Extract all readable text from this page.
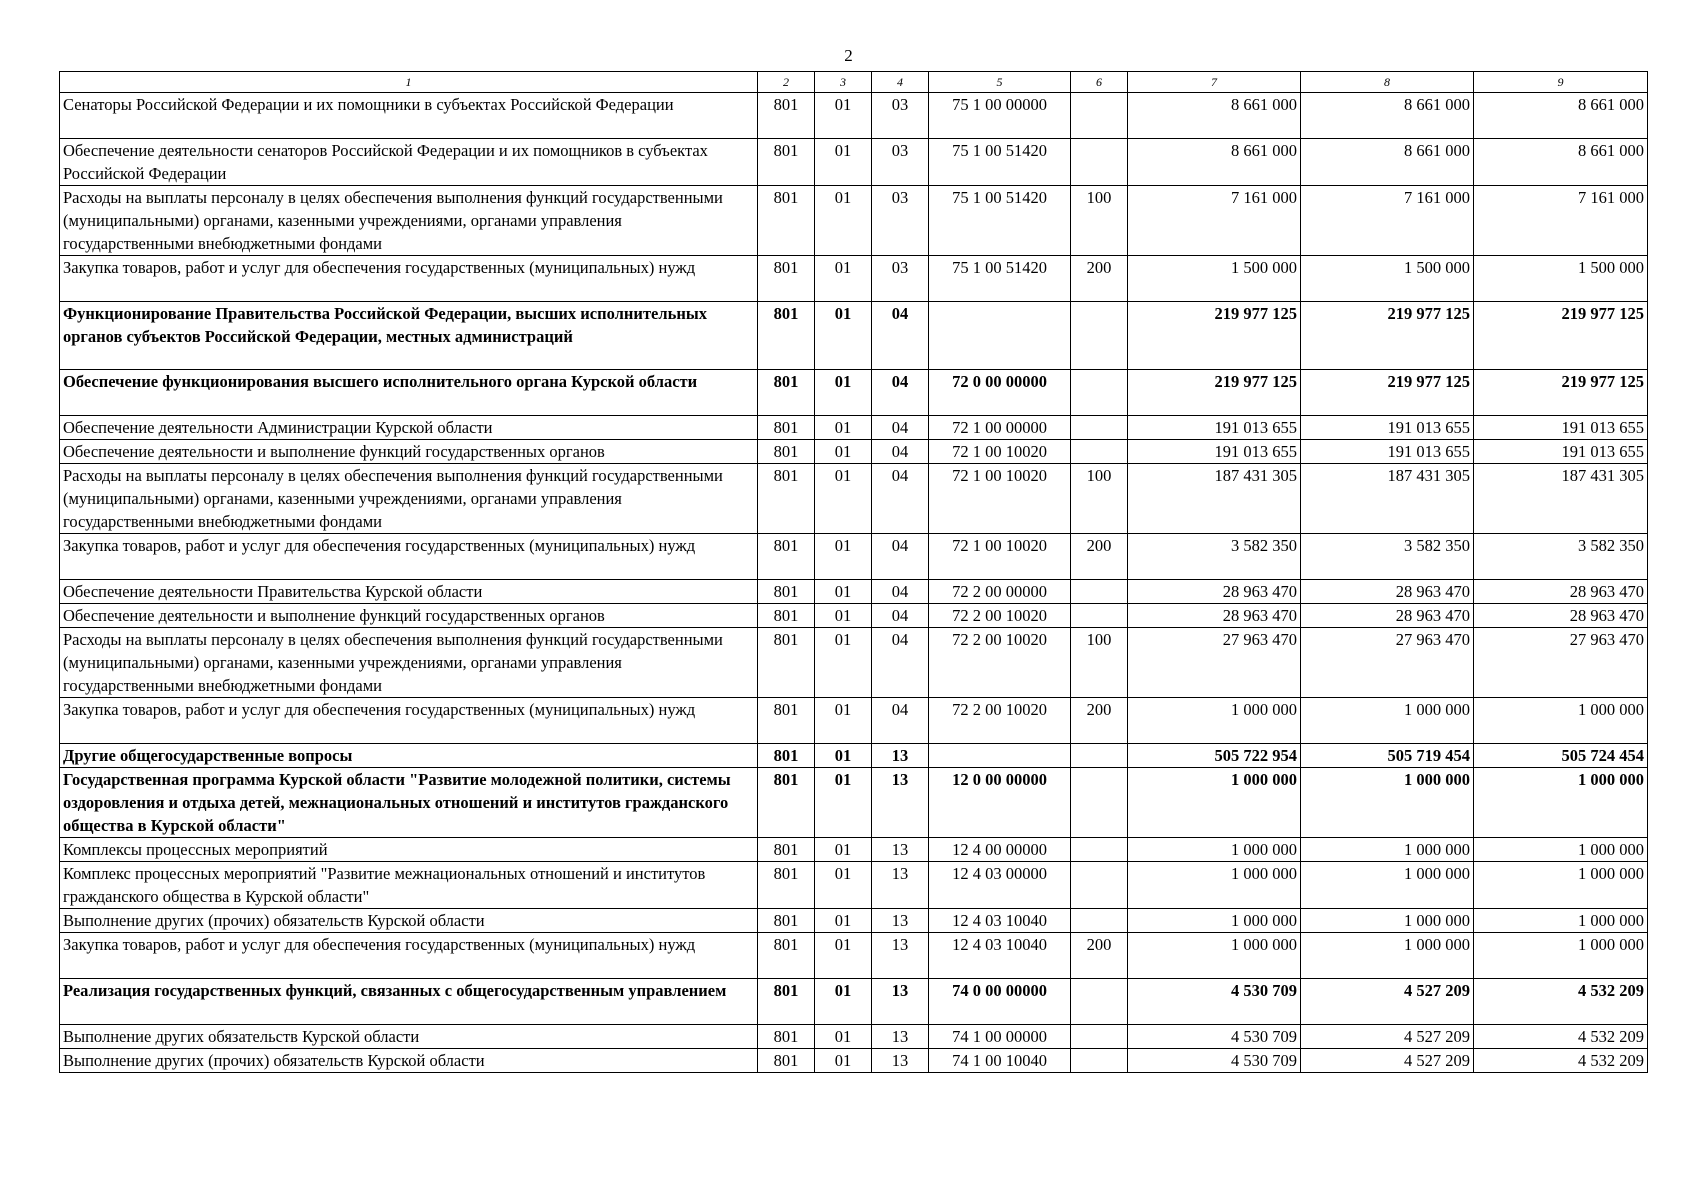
2
1	2	3	4	5	6	7	8	9
Сенаторы Российской Федерации и их помощники в субъектах Российской Федерации	801	01	03	75 1 00 00000		8 661 000	8 661 000	8 661 000
Обеспечение деятельности сенаторов Российской Федерации и их помощников в субъектах Российской Федерации	801	01	03	75 1 00 51420		8 661 000	8 661 000	8 661 000
Расходы на выплаты персоналу в целях обеспечения выполнения функций государственными (муниципальными) органами, казенными учреждениями, органами управления государственными внебюджетными фондами	801	01	03	75 1 00 51420	100	7 161 000	7 161 000	7 161 000
Закупка товаров, работ и услуг для обеспечения государственных (муниципальных) нужд	801	01	03	75 1 00 51420	200	1 500 000	1 500 000	1 500 000
Функционирование Правительства Российской Федерации, высших исполнительных органов субъектов Российской Федерации, местных администраций	801	01	04			219 977 125	219 977 125	219 977 125
Обеспечение функционирования высшего исполнительного органа Курской области	801	01	04	72 0 00 00000		219 977 125	219 977 125	219 977 125
Обеспечение деятельности Администрации Курской области	801	01	04	72 1 00 00000		191 013 655	191 013 655	191 013 655
Обеспечение деятельности и выполнение функций государственных органов	801	01	04	72 1 00 10020		191 013 655	191 013 655	191 013 655
Расходы на выплаты персоналу в целях обеспечения выполнения функций государственными (муниципальными) органами, казенными учреждениями, органами управления государственными внебюджетными фондами	801	01	04	72 1 00 10020	100	187 431 305	187 431 305	187 431 305
Закупка товаров, работ и услуг для обеспечения государственных (муниципальных) нужд	801	01	04	72 1 00 10020	200	3 582 350	3 582 350	3 582 350
Обеспечение деятельности Правительства Курской области	801	01	04	72 2 00 00000		28 963 470	28 963 470	28 963 470
Обеспечение деятельности и выполнение функций государственных органов	801	01	04	72 2 00 10020		28 963 470	28 963 470	28 963 470
Расходы на выплаты персоналу в целях обеспечения выполнения функций государственными (муниципальными) органами, казенными учреждениями, органами управления государственными внебюджетными фондами	801	01	04	72 2 00 10020	100	27 963 470	27 963 470	27 963 470
Закупка товаров, работ и услуг для обеспечения государственных (муниципальных) нужд	801	01	04	72 2 00 10020	200	1 000 000	1 000 000	1 000 000
Другие общегосударственные вопросы	801	01	13			505 722 954	505 719 454	505 724 454
Государственная программа Курской области "Развитие молодежной политики, системы оздоровления и отдыха детей, межнациональных отношений и институтов гражданского общества в Курской области"	801	01	13	12 0 00 00000		1 000 000	1 000 000	1 000 000
Комплексы процессных мероприятий	801	01	13	12 4 00 00000		1 000 000	1 000 000	1 000 000
Комплекс процессных мероприятий "Развитие межнациональных отношений и институтов гражданского общества в Курской области"	801	01	13	12 4 03 00000		1 000 000	1 000 000	1 000 000
Выполнение других (прочих) обязательств Курской области	801	01	13	12 4 03 10040		1 000 000	1 000 000	1 000 000
Закупка товаров, работ и услуг для обеспечения государственных (муниципальных) нужд	801	01	13	12 4 03 10040	200	1 000 000	1 000 000	1 000 000
Реализация государственных функций, связанных с общегосударственным управлением	801	01	13	74 0 00 00000		4 530 709	4 527 209	4 532 209
Выполнение других обязательств Курской области	801	01	13	74 1 00 00000		4 530 709	4 527 209	4 532 209
Выполнение других (прочих) обязательств Курской области	801	01	13	74 1 00 10040		4 530 709	4 527 209	4 532 209
